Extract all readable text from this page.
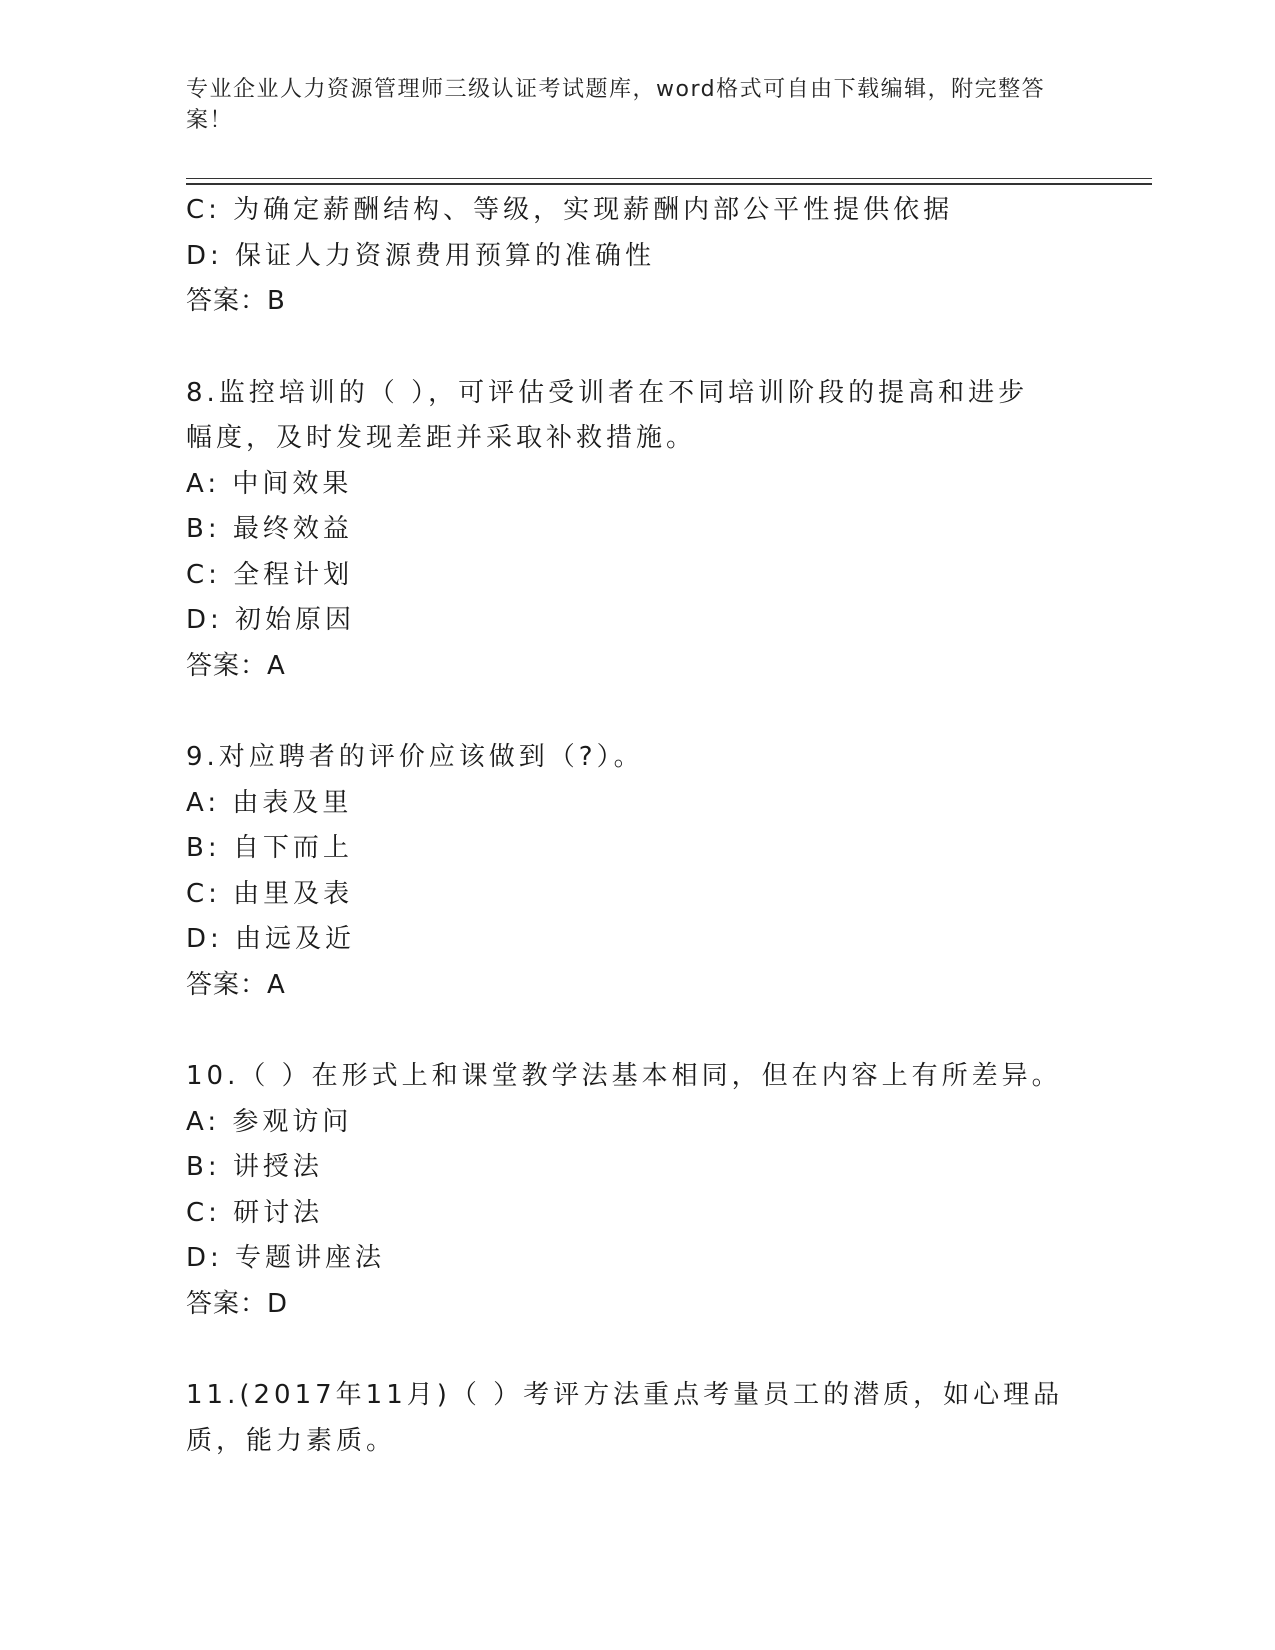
专业企业人力资源管理师三级认证考试题库，word格式可自由下载编辑，附完整答案！
C: 为确定薪酬结构、等级，实现薪酬内部公平性提供依据
D: 保证人力资源费用预算的准确性
答案：B
8.监控培训的（ ），可评估受训者在不同培训阶段的提高和进步
幅度，及时发现差距并采取补救措施。
A: 中间效果
B: 最终效益
C: 全程计划
D: 初始原因
答案：A
9.对应聘者的评价应该做到（?）。
A: 由表及里
B: 自下而上
C: 由里及表
D: 由远及近
答案：A
10.（ ）在形式上和课堂教学法基本相同，但在内容上有所差异。
A: 参观访问
B: 讲授法
C: 研讨法
D: 专题讲座法
答案：D
11.(2017年11月)（ ）考评方法重点考量员工的潜质，如心理品
质，能力素质。
